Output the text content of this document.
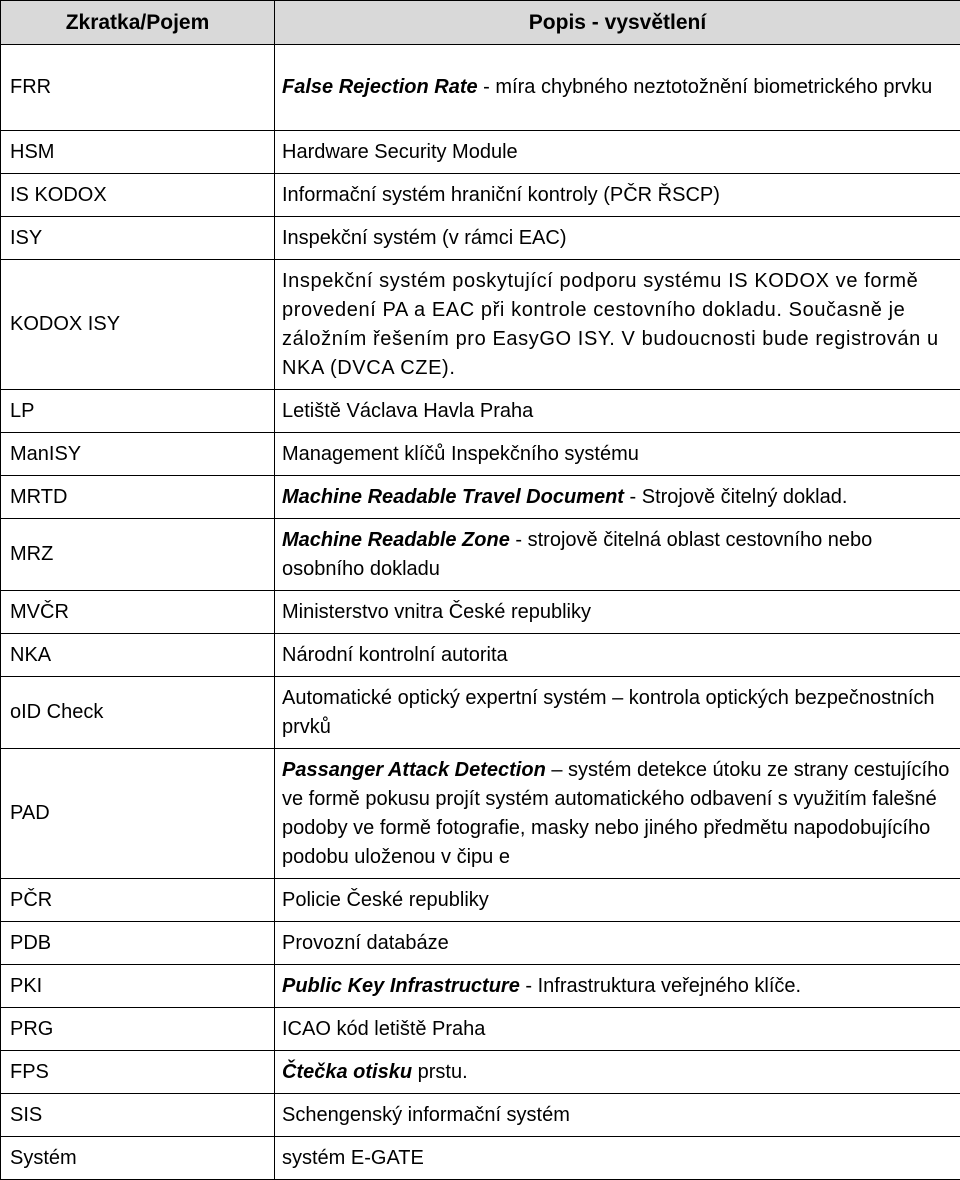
Zkratka/Pojem	Popis - vysvětlení
FRR	False Rejection Rate - míra chybného neztotožnění biometrického prvku
HSM	Hardware Security Module
IS KODOX	Informační systém hraniční kontroly (PČR ŘSCP)
ISY	Inspekční systém (v rámci EAC)
KODOX ISY	Inspekční systém poskytující podporu systému IS KODOX ve formě provedení PA a EAC při kontrole cestovního dokladu. Současně je záložním řešením pro EasyGO ISY. V budoucnosti bude registrován u NKA (DVCA CZE).
LP	Letiště Václava Havla Praha
ManISY	Management klíčů Inspekčního systému
MRTD	Machine Readable Travel Document - Strojově čitelný doklad.
MRZ	Machine Readable Zone - strojově čitelná oblast cestovního nebo osobního dokladu
MVČR	Ministerstvo vnitra České republiky
NKA	Národní kontrolní autorita
oID Check	Automatické optický expertní systém – kontrola optických bezpečnostních prvků
PAD	Passanger Attack Detection – systém detekce útoku ze strany cestujícího ve formě pokusu projít systém automatického odbavení s využitím falešné podoby ve formě fotografie, masky nebo jiného předmětu napodobujícího podobu uloženou v čipu e
PČR	Policie České republiky
PDB	Provozní databáze
PKI	Public Key Infrastructure - Infrastruktura veřejného klíče.
PRG	ICAO kód letiště Praha
FPS	Čtečka otisku prstu.
SIS	Schengenský informační systém
Systém	systém E-GATE
